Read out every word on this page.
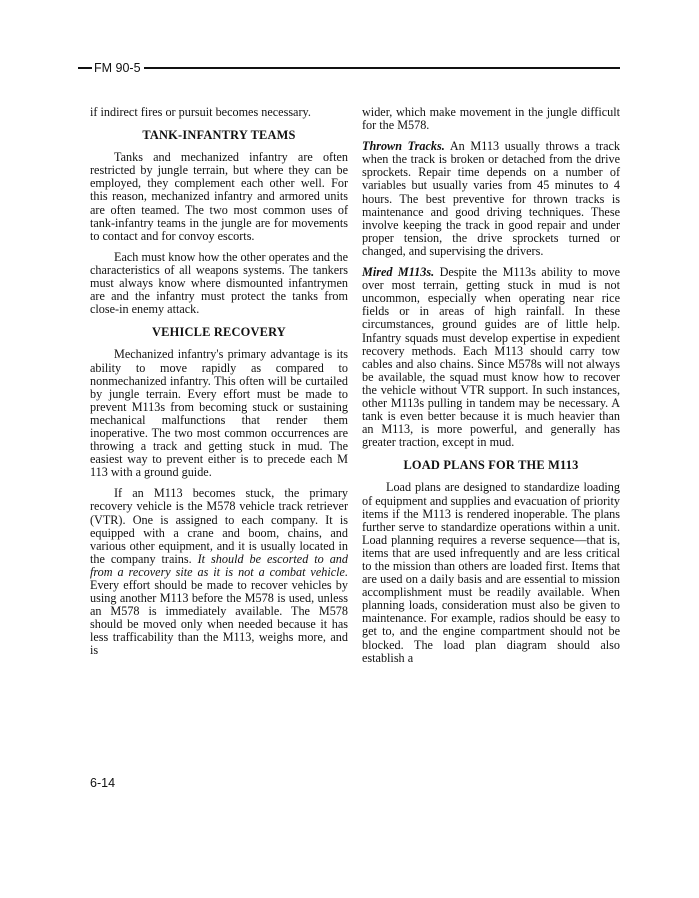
FM 90-5

if indirect fires or pursuit becomes necessary.

TANK-INFANTRY TEAMS

Tanks and mechanized infantry are often restricted by jungle terrain, but where they can be employed, they complement each other well. For this reason, mechanized infantry and armored units are often teamed. The two most common uses of tank-infantry teams in the jungle are for movements to contact and for convoy escorts.

Each must know how the other operates and the characteristics of all weapons systems. The tankers must always know where dismounted infantrymen are and the infantry must protect the tanks from close-in enemy attack.

VEHICLE RECOVERY

Mechanized infantry's primary advantage is its ability to move rapidly as compared to nonmechanized infantry. This often will be curtailed by jungle terrain. Every effort must be made to prevent M113s from becoming stuck or sustaining mechanical malfunctions that render them inoperative. The two most common occurrences are throwing a track and getting stuck in mud. The easiest way to prevent either is to precede each M 113 with a ground guide.

If an M113 becomes stuck, the primary recovery vehicle is the M578 vehicle track retriever (VTR). One is assigned to each company. It is equipped with a crane and boom, chains, and various other equipment, and it is usually located in the company trains. It should be escorted to and from a recovery site as it is not a combat vehicle. Every effort should be made to recover vehicles by using another M113 before the M578 is used, unless an M578 is immediately available. The M578 should be moved only when needed because it has less trafficability than the M113, weighs more, and is

wider, which make movement in the jungle difficult for the M578.

Thrown Tracks. An M113 usually throws a track when the track is broken or detached from the drive sprockets. Repair time depends on a number of variables but usually varies from 45 minutes to 4 hours. The best preventive for thrown tracks is maintenance and good driving techniques. These involve keeping the track in good repair and under proper tension, the drive sprockets turned or changed, and supervising the drivers.

Mired M113s. Despite the M113s ability to move over most terrain, getting stuck in mud is not uncommon, especially when operating near rice fields or in areas of high rainfall. In these circumstances, ground guides are of little help. Infantry squads must develop expertise in expedient recovery methods. Each M113 should carry tow cables and also chains. Since M578s will not always be available, the squad must know how to recover the vehicle without VTR support. In such instances, other M113s pulling in tandem may be necessary. A tank is even better because it is much heavier than an M113, is more powerful, and generally has greater traction, except in mud.

LOAD PLANS FOR THE M113

Load plans are designed to standardize loading of equipment and supplies and evacuation of priority items if the M113 is rendered inoperable. The plans further serve to standardize operations within a unit. Load planning requires a reverse sequence—that is, items that are used infrequently and are less critical to the mission than others are loaded first. Items that are used on a daily basis and are essential to mission accomplishment must be readily available. When planning loads, consideration must also be given to maintenance. For example, radios should be easy to get to, and the engine compartment should not be blocked. The load plan diagram should also establish a

6-14
